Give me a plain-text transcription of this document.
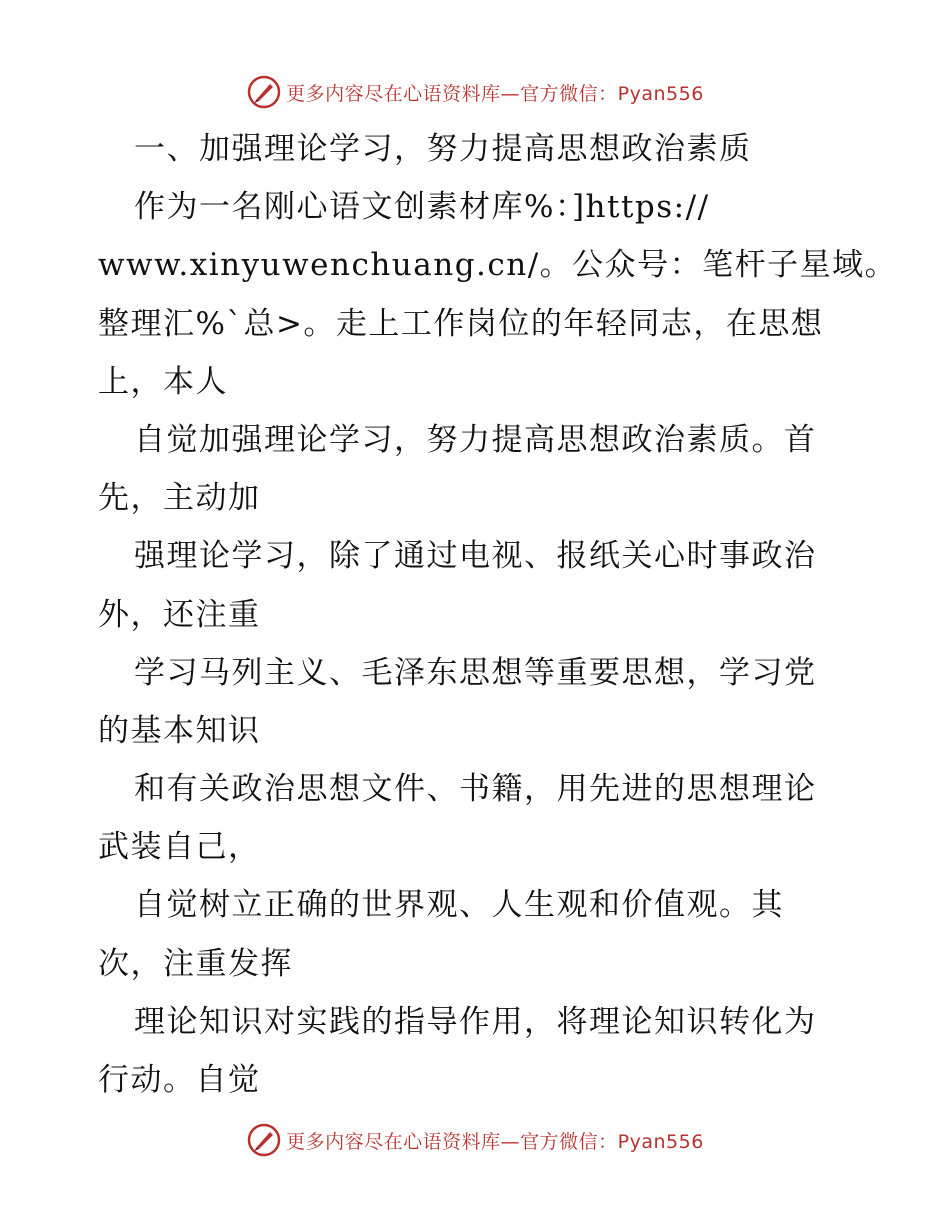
更多内容尽在心语资料库—官方微信：Pyan556
一、加强理论学习，努力提高思想政治素质
作为一名刚心语文创素材库%：]https://
www.xinyuwenchuang.cn/。公众号：笔杆子星域。
整理汇%`总>。走上工作岗位的年轻同志，在思想
上，本人
自觉加强理论学习，努力提高思想政治素质。首
先，主动加
强理论学习，除了通过电视、报纸关心时事政治
外，还注重
学习马列主义、毛泽东思想等重要思想，学习党
的基本知识
和有关政治思想文件、书籍，用先进的思想理论
武装自己，
自觉树立正确的世界观、人生观和价值观。其
次，注重发挥
理论知识对实践的指导作用，将理论知识转化为
行动。自觉
更多内容尽在心语资料库—官方微信：Pyan556
